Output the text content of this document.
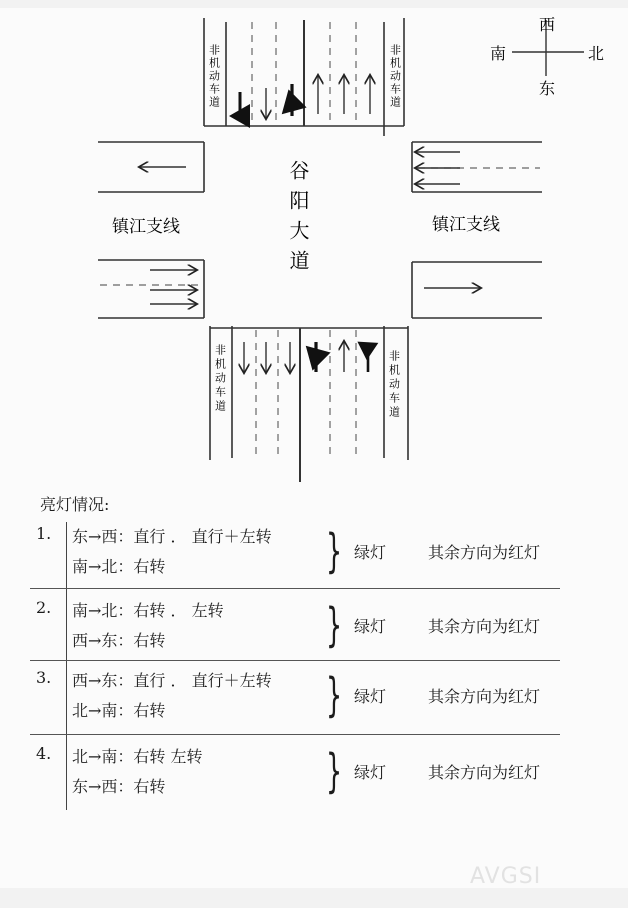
南	北
西
东
谷阳大道
镇江支线	镇江支线
非机动车道	非机动车道
非机动车道	非机动车道
亮灯情况:
1. 东→西：直行 ． 直行＋左转
南→北：右转	} 绿灯	其余方向为红灯
2. 南→北：右转 ． 左转
西→东：右转	} 绿灯	其余方向为红灯
3. 西→东：直行 ． 直行＋左转
北→南：右转	} 绿灯	其余方向为红灯
4. 北→南：右转 左转
东→西：右转	} 绿灯	其余方向为红灯
AVGSI
